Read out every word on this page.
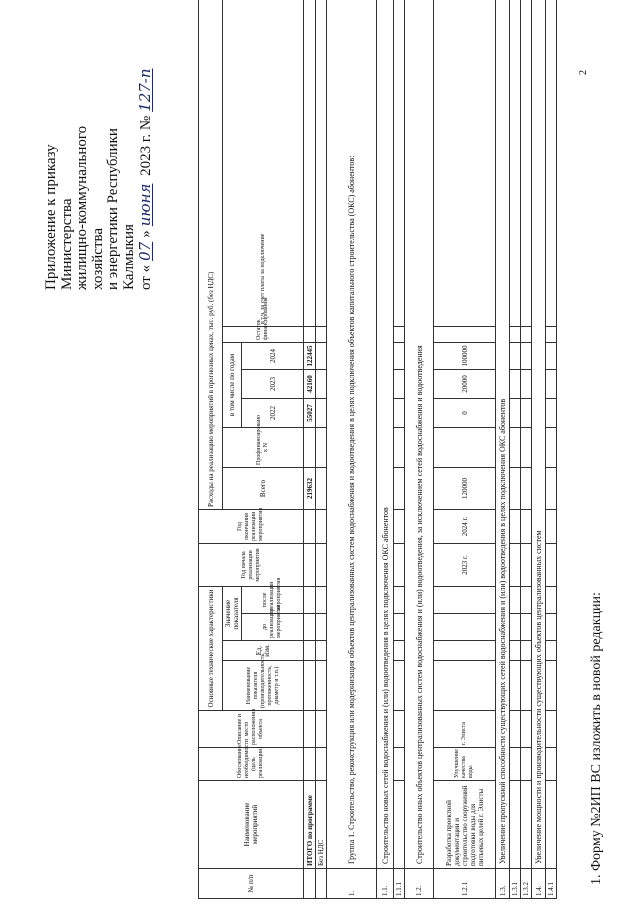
1. Форму №2ИП ВС изложить в новой редакции:
Приложение к приказу Министерства жилищно-коммунального хозяйства и энергетики Республики Калмыкия от «07»июня 2023 г. №127-п	2
№ п/п	Наименование мероприятий	Обоснование необходимости (цель реализации)	Описание и место расположения объекта	Основные технические характеристики				Год начала реализации мероприятия	Год окончания реализации мероприятия	Расходы на реализацию мероприятий в прогнозных ценах, тыс. руб. (без НДС)						
				Наименование показателя (производительность, протяженность, диаметр и т.п.)	Ед. изм.	Значение показателя				Всего	Профинансировано к N	в том числе по годам			Остаток финансирования	в т.ч. за счет платы за подключение
						до реализации мероприятия	после реализации мероприятия					2022	2023	2024		
	ИТОГО по программе									219632		55027	42160	122445		
	Без НДС															
1.	Группа 1. Строительство, реконструкция или модернизация объектов централизованных систем водоснабжения и водоотведения в целях подключения объектов капитального строительства (ОКС) абонентов:															
1.1.	Строительство новых сетей водоснабжения и (или) водоотведения в целях подключения ОКС абонентов															
1.1.1																
1.2.	Строительство иных объектов централизованных систем водоснабжения и (или) водоотведения, за исключением сетей водоснабжения и водоотведения															
1.2.1	Разработка проектной документации и строительство сооружений подготовки воды для питьевых целей г. Элисты	Улучшение качества воды	г. Элиста					2023 г.	2024 г.	120000		0	20000	100000		
1.3.	Увеличение пропускной способности существующих сетей водоснабжения и (или) водоотведения в целях подключения ОКС абонентов															
1.3.1																
1.3.2																
1.4.	Увеличение мощности и производительности существующих объектов централизованных систем															
1.4.1																
